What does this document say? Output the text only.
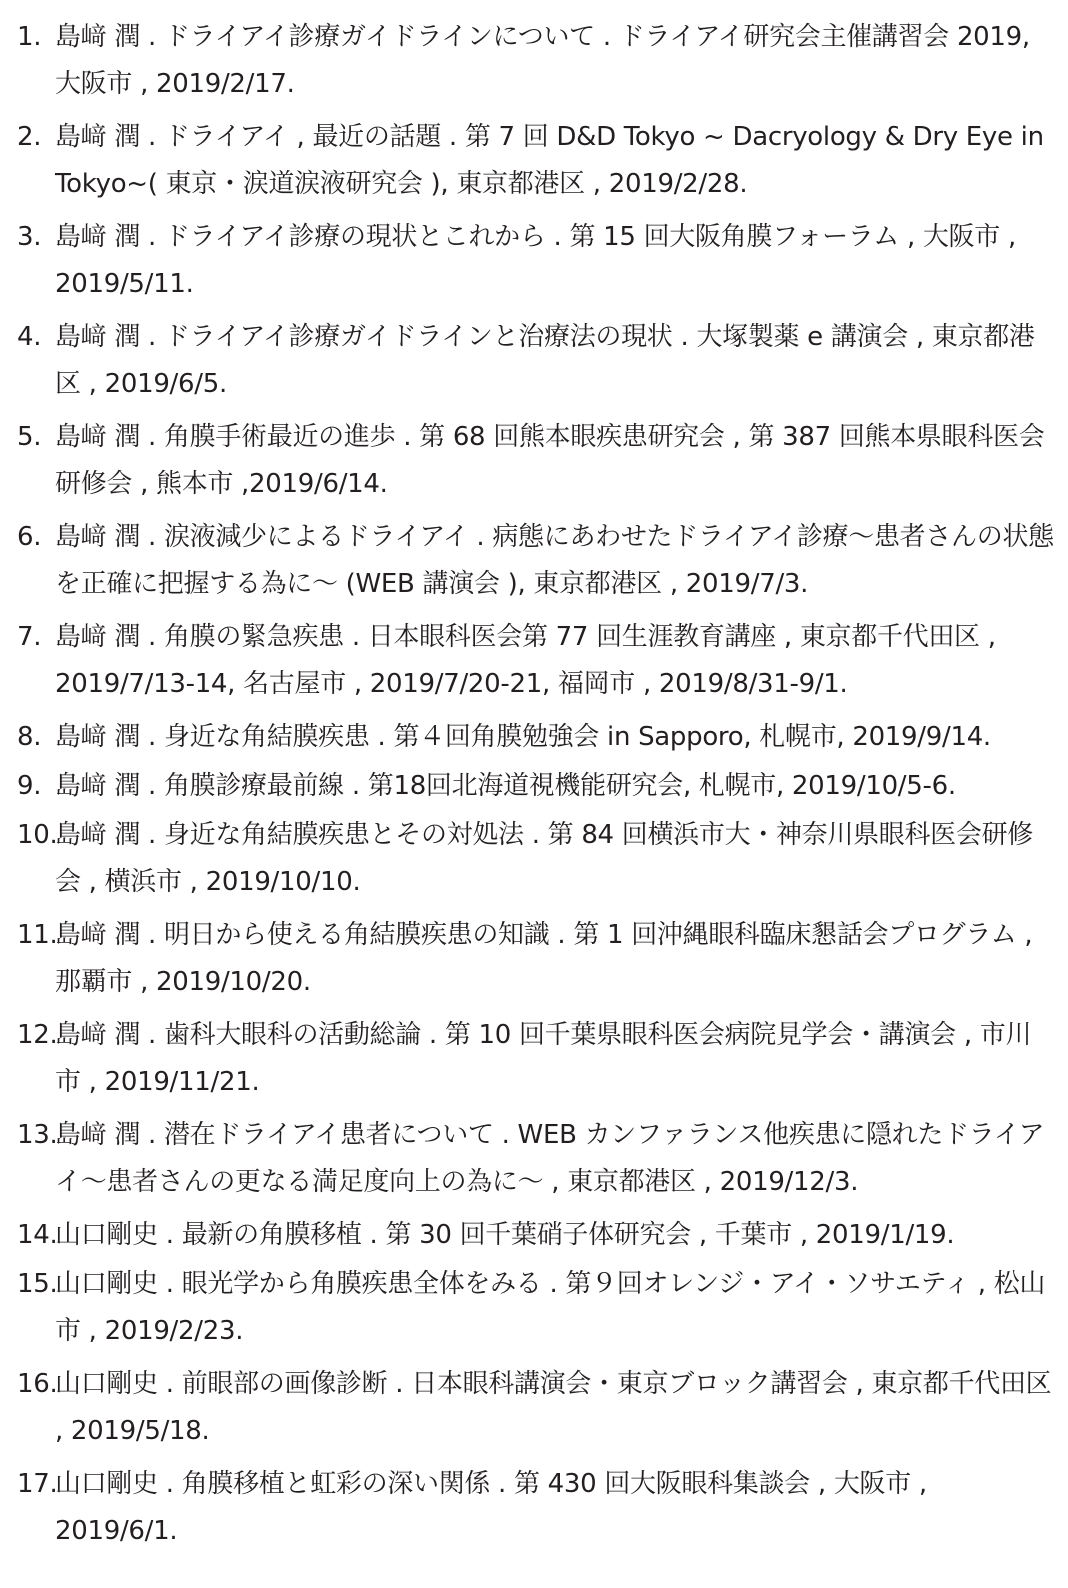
1. 島﨑 潤 . ドライアイ診療ガイドラインについて . ドライアイ研究会主催講習会 2019, 大阪市 , 2019/2/17.
2. 島﨑 潤 . ドライアイ , 最近の話題 . 第 7 回 D&D Tokyo ~ Dacryology & Dry Eye in Tokyo~( 東京・涙道涙液研究会 ), 東京都港区 , 2019/2/28.
3. 島﨑 潤 . ドライアイ診療の現状とこれから . 第 15 回大阪角膜フォーラム , 大阪市 , 2019/5/11.
4. 島﨑 潤 . ドライアイ診療ガイドラインと治療法の現状 . 大塚製薬 e 講演会 , 東京都港区 , 2019/6/5.
5. 島﨑 潤 . 角膜手術最近の進歩 . 第 68 回熊本眼疾患研究会 , 第 387 回熊本県眼科医会研修会 , 熊本市 ,2019/6/14.
6. 島﨑 潤 . 涙液減少によるドライアイ . 病態にあわせたドライアイ診療〜患者さんの状態を正確に把握する為に〜 (WEB 講演会 ), 東京都港区 , 2019/7/3.
7. 島﨑 潤 . 角膜の緊急疾患 . 日本眼科医会第 77 回生涯教育講座 , 東京都千代田区 , 2019/7/13-14, 名古屋市 , 2019/7/20-21, 福岡市 , 2019/8/31-9/1.
8. 島﨑 潤 . 身近な角結膜疾患 . 第４回角膜勉強会 in Sapporo, 札幌市, 2019/9/14.
9. 島﨑 潤 . 角膜診療最前線 . 第18回北海道視機能研究会, 札幌市, 2019/10/5-6.
10.
島﨑 潤 . 身近な角結膜疾患とその対処法 . 第 84 回横浜市大・神奈川県眼科医会研修会 , 横浜市 , 2019/10/10.
11.
島﨑 潤 . 明日から使える角結膜疾患の知識 . 第 1 回沖縄眼科臨床懇話会プログラム , 那覇市 , 2019/10/20.
12.
島﨑 潤 . 歯科大眼科の活動総論 . 第 10 回千葉県眼科医会病院見学会・講演会 , 市川市 , 2019/11/21.
13.
島﨑 潤 . 潜在ドライアイ患者について . WEB カンファランス他疾患に隠れたドライアイ〜患者さんの更なる満足度向上の為に〜 , 東京都港区 , 2019/12/3.
14.
山口剛史 . 最新の角膜移植 . 第 30 回千葉硝子体研究会 , 千葉市 , 2019/1/19.
15.
山口剛史 . 眼光学から角膜疾患全体をみる . 第９回オレンジ・アイ・ソサエティ , 松山市 , 2019/2/23.
16.
山口剛史 . 前眼部の画像診断 . 日本眼科講演会・東京ブロック講習会 , 東京都千代田区 , 2019/5/18.
17.
山口剛史 . 角膜移植と虹彩の深い関係 . 第 430 回大阪眼科集談会 , 大阪市 , 2019/6/1.
